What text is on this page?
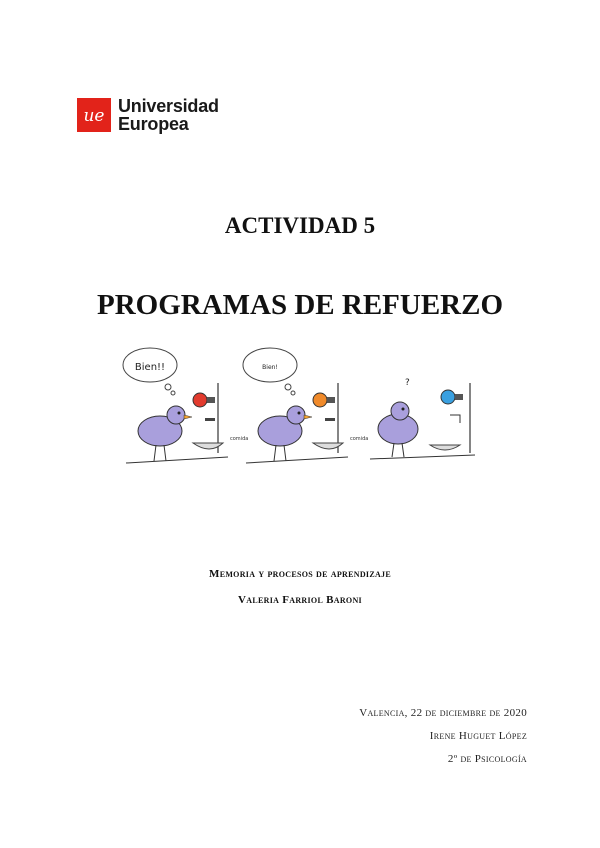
ue Universidad
Europea
ACTIVIDAD 5
PROGRAMAS DE REFUERZO
Bien!!
comida
Bien!
comida
?
Memoria y procesos de aprendizaje
Valeria Farriol Baroni
Valencia, 22 de diciembre de 2020
Irene Huguet López
2º de Psicología
